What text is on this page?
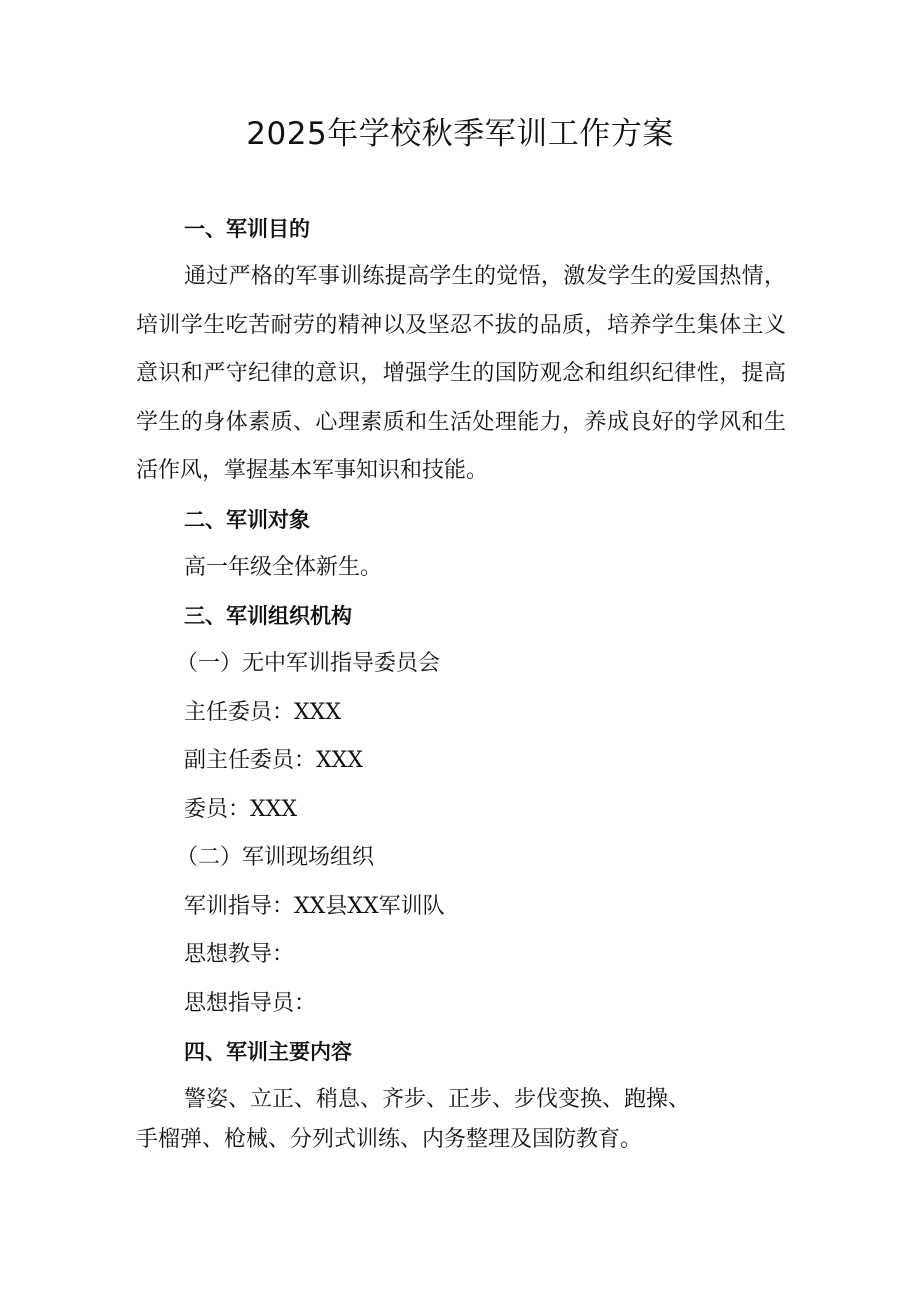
2025年学校秋季军训工作方案

一、军训目的

通过严格的军事训练提高学生的觉悟，激发学生的爱国热情，培训学生吃苦耐劳的精神以及坚忍不拔的品质，培养学生集体主义意识和严守纪律的意识，增强学生的国防观念和组织纪律性，提高学生的身体素质、心理素质和生活处理能力，养成良好的学风和生活作风，掌握基本军事知识和技能。

二、军训对象

高一年级全体新生。

三、军训组织机构

（一）无中军训指导委员会

主任委员：XXX

副主任委员：XXX

委员：XXX

（二）军训现场组织

军训指导：XX县XX军训队

思想教导：

思想指导员：

四、军训主要内容

警姿、立正、稍息、齐步、正步、步伐变换、跑操、

手榴弹、枪械、分列式训练、内务整理及国防教育。
